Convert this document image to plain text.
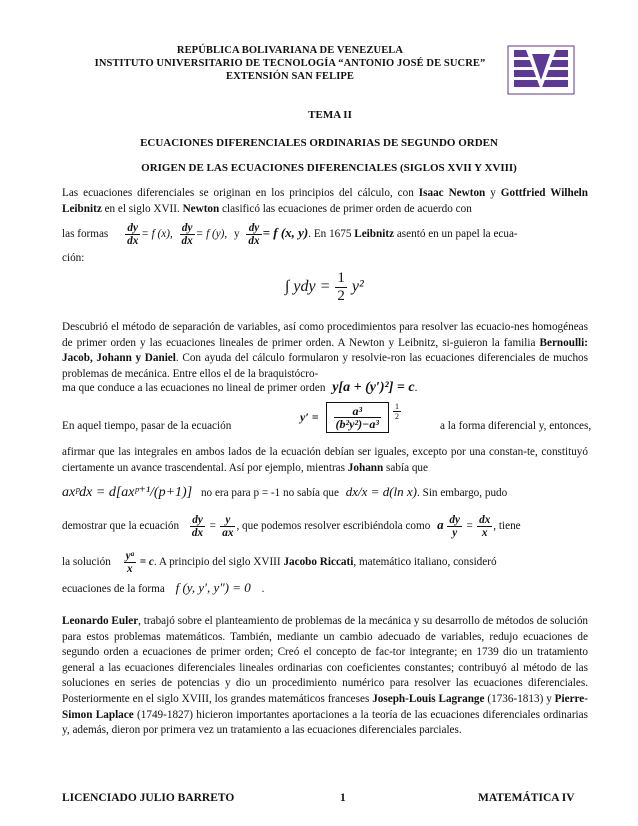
REPÚBLICA BOLIVARIANA DE VENEZUELA
INSTITUTO UNIVERSITARIO DE TECNOLOGÍA “ANTONIO JOSÉ DE SUCRE”
EXTENSIÓN SAN FELIPE
TEMA II
ECUACIONES DIFERENCIALES ORDINARIAS DE SEGUNDO ORDEN
ORIGEN DE LAS ECUACIONES DIFERENCIALES (SIGLOS XVII Y XVIII)
Las ecuaciones diferenciales se originan en los principios del cálculo, con Isaac Newton y Gottfried Wilheln Leibnitz en el siglo XVII. Newton clasificó las ecuaciones de primer orden de acuerdo con
las formas $\frac{dy}{dx} = f$ (x), $\frac{dy}{dx} = f$ (y), y $\frac{dy}{dx} = f$ (x, y). En 1675 Leibnitz asentó en un papel la ecua-
ción:
∫ ydy = $\frac{1}{2} y^2$
Descubrió el método de separación de variables, así como procedimientos para resolver las ecuacio-nes homogéneas de primer orden y las ecuaciones lineales de primer orden. A Newton y Leibnitz, si-guieron la familia Bernoulli: Jacob, Johann y Daniel. Con ayuda del cálculo formularon y resolvie-ron las ecuaciones diferenciales de muchos problemas de mecánica. Entre ellos el de la braquistócro-
ma que conduce a las ecuaciones no lineal de primer orden y[a + (y′)²] = c.
En aquel tiempo, pasar de la ecuación
$y' = \frac{\text{a³}}{\text{(b²y²)−a³}}$
$\frac{1}{2}$
a la forma diferencial y, entonces,
afirmar que las integrales en ambos lados de la ecuación debían ser iguales, excepto por una constan-te, constituyó ciertamente un avance trascendental. Así por ejemplo, mientras Johann sabía que
axᵖdx = d[axᵖ⁺¹/(p+1)] no era para p = -1 no sabía que dx/x = d(ln x). Sin embargo, pudo
demostrar que la ecuación $\frac{dy}{dx} = \frac{y}{ax}$ , que podemos resolver escribiéndola como a $\frac{dy}{y} = \frac{dx}{x}$ , tiene
la solución $\frac{\text{yᵃ}}{x} = c$. A principio del siglo XVIII Jacobo Riccati, matemático italiano, consideró
ecuaciones de la forma f (y, y′, y″) = 0 .
Leonardo Euler, trabajó sobre el planteamiento de problemas de la mecánica y su desarrollo de métodos de solución para estos problemas matemáticos. También, mediante un cambio adecuado de variables, redujo ecuaciones de segundo orden a ecuaciones de primer orden; Creó el concepto de fac-tor integrante; en 1739 dio un tratamiento general a las ecuaciones diferenciales lineales ordinarias con coeficientes constantes; contribuyó al método de las soluciones en series de potencias y dio un procedimiento numérico para resolver las ecuaciones diferenciales. Posteriormente en el siglo XVIII, los grandes matemáticos franceses Joseph-Louis Lagrange (1736-1813) y Pierre-Simon Laplace (1749-1827) hicieron importantes aportaciones a la teoría de las ecuaciones diferenciales ordinarias y, además, dieron por primera vez un tratamiento a las ecuaciones diferenciales parciales.
LICENCIADO JULIO BARRETO	1	MATEMÁTICA IV
